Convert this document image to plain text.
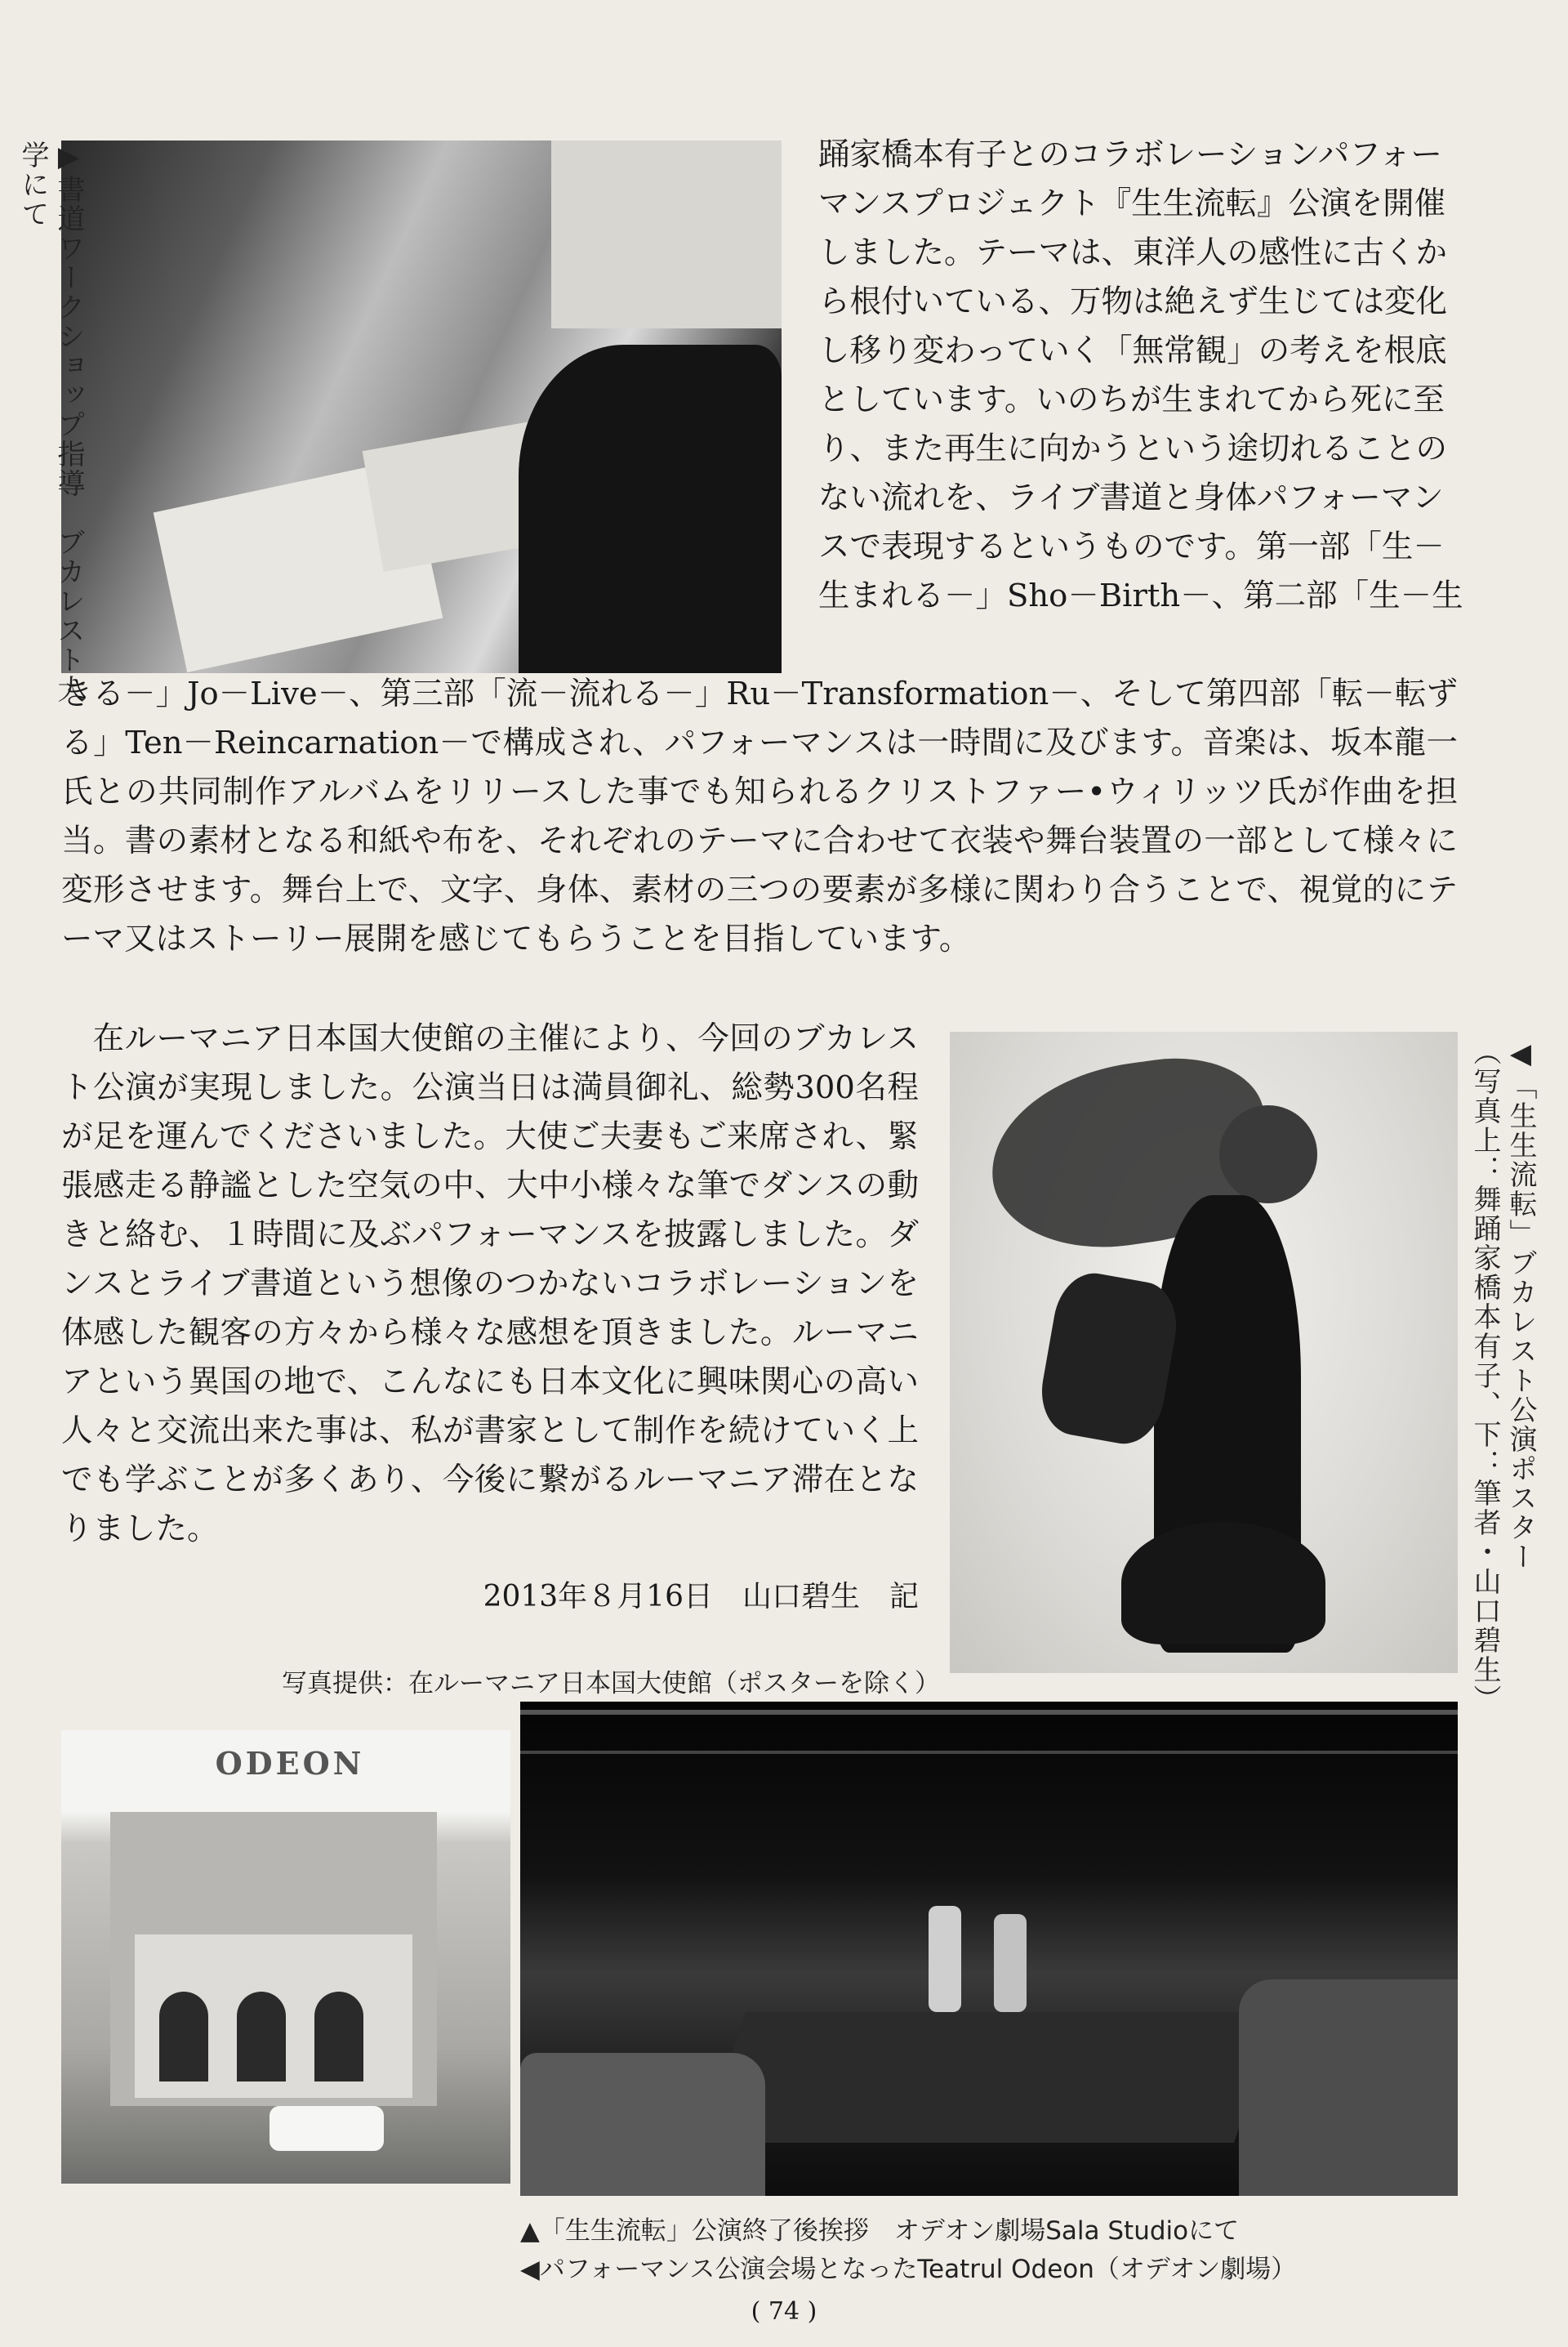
▶書道ワークショップ指導　ブカレスト大学にて	踊家橋本有子とのコラボレーションパフォー
マンスプロジェクト『生生流転』公演を開催
しました。テーマは、東洋人の感性に古くか
ら根付いている、万物は絶えず生じては変化
し移り変わっていく「無常観」の考えを根底
としています。いのちが生まれてから死に至
り、また再生に向かうという途切れることの
ない流れを、ライブ書道と身体パフォーマン
スで表現するというものです。第一部「生－
生まれる－」Sho－Birth－、第二部「生－生

きる－」Jo－Live－、第三部「流－流れる－」Ru－Transformation－、そして第四部「転－転ずる」Ten－Reincarnation－で構成され、パフォーマンスは一時間に及びます。音楽は、坂本龍一氏との共同制作アルバムをリリースした事でも知られるクリストファー•ウィリッツ氏が作曲を担当。書の素材となる和紙や布を、それぞれのテーマに合わせて衣装や舞台装置の一部として様々に変形させます。舞台上で、文字、身体、素材の三つの要素が多様に関わり合うことで、視覚的にテーマ又はストーリー展開を感じてもらうことを目指しています。

在ルーマニア日本国大使館の主催により、今回のブカレスト公演が実現しました。公演当日は満員御礼、総勢300名程が足を運んでくださいました。大使ご夫妻もご来席され、緊張感走る静謐とした空気の中、大中小様々な筆でダンスの動きと絡む、１時間に及ぶパフォーマンスを披露しました。ダンスとライブ書道という想像のつかないコラボレーションを体感した観客の方々から様々な感想を頂きました。ルーマニアという異国の地で、こんなにも日本文化に興味関心の高い人々と交流出来た事は、私が書家として制作を続けていく上でも学ぶことが多くあり、今後に繋がるルーマニア滞在となりました。

2013年８月16日　山口碧生　記
◀「生生流転」ブカレスト公演ポスター
（写真上：舞踊家橋本有子、下：筆者・山口碧生）
写真提供：在ルーマニア日本国大使館（ポスターを除く）
ODEON
▲「生生流転」公演終了後挨拶　オデオン劇場Sala Studioにて
◀パフォーマンス公演会場となったTeatrul Odeon（オデオン劇場）
( 74 )
